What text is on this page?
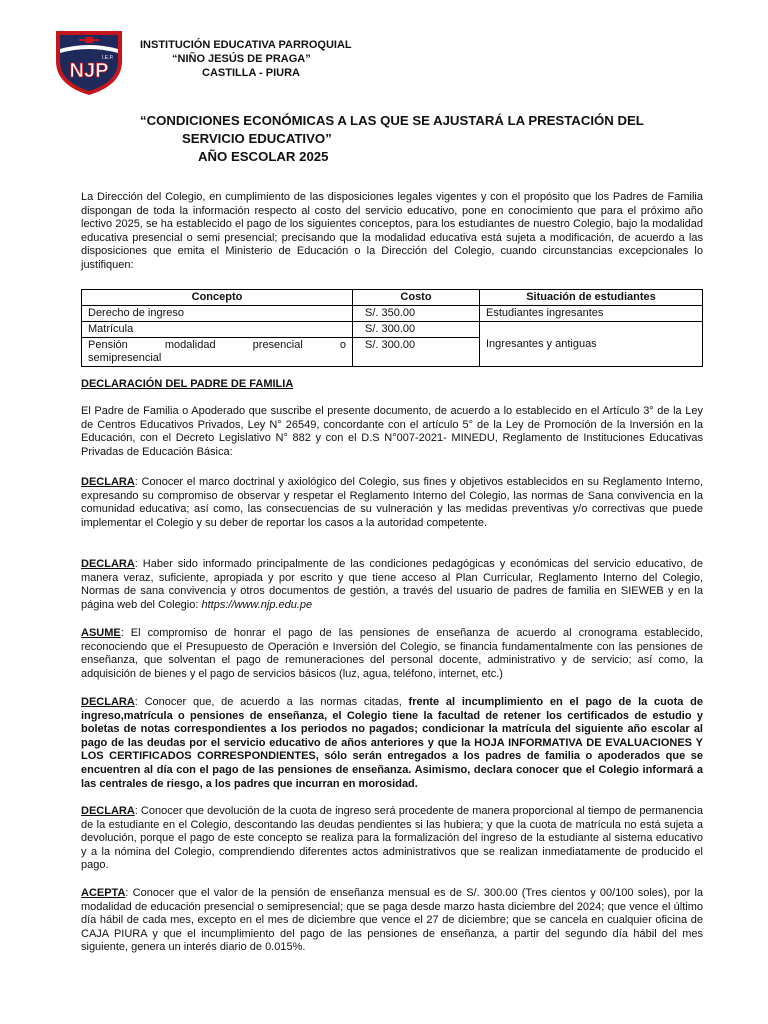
I.E.P.
NJP
INSTITUCIÓN EDUCATIVA PARROQUIAL
“NIÑO JESÚS DE PRAGA”
CASTILLA - PIURA
“CONDICIONES ECONÓMICAS A LAS QUE SE AJUSTARÁ LA PRESTACIÓN DEL
SERVICIO EDUCATIVO”
AÑO ESCOLAR 2025

La Dirección del Colegio, en cumplimiento de las disposiciones legales vigentes y con el propósito que los Padres de Familia dispongan de toda la información respecto al costo del servicio educativo, pone en conocimiento que para el próximo año lectivo 2025, se ha establecido el pago de los siguientes conceptos, para los estudiantes de nuestro Colegio, bajo la modalidad educativa presencial o semi presencial; precisando que la modalidad educativa está sujeta a modificación, de acuerdo a las disposiciones que emita el Ministerio de Educación o la Dirección del Colegio, cuando circunstancias excepcionales lo justifiquen:

Concepto	Costo	Situación de estudiantes
Derecho de ingreso	S/. 350.00	Estudiantes ingresantes
Matrícula	S/. 300.00	Ingresantes y antiguas

Pensión modalidad presencial o
semipresencial	S/. 300.00	
DECLARACIÓN DEL PADRE DE FAMILIA

El Padre de Familia o Apoderado que suscribe el presente documento, de acuerdo a lo establecido en el Artículo 3° de la Ley de Centros Educativos Privados, Ley N° 26549, concordante con el artículo 5° de la Ley de Promoción de la Inversión en la Educación, con el Decreto Legislativo N° 882 y con el D.S N°007-2021- MINEDU, Reglamento de Instituciones Educativas Privadas de Educación Básica:

DECLARA: Conocer el marco doctrinal y axiológico del Colegio, sus fines y objetivos establecidos en su Reglamento Interno, expresando su compromiso de observar y respetar el Reglamento Interno del Colegio, las normas de Sana convivencia en la comunidad educativa; así como, las consecuencias de su vulneración y las medidas preventivas y/o correctivas que puede implementar el Colegio y su deber de reportar los casos a la autoridad competente.

DECLARA: Haber sido informado principalmente de las condiciones pedagógicas y económicas del servicio educativo, de manera veraz, suficiente, apropiada y por escrito y que tiene acceso al Plan Curricular, Reglamento Interno del Colegio, Normas de sana convivencia y otros documentos de gestión, a través del usuario de padres de familia en SIEWEB y en la página web del Colegio: https://www.njp.edu.pe

ASUME: El compromiso de honrar el pago de las pensiones de enseñanza de acuerdo al cronograma establecido, reconociendo que el Presupuesto de Operación e Inversión del Colegio, se financia fundamentalmente con las pensiones de enseñanza, que solventan el pago de remuneraciones del personal docente, administrativo y de servicio; así como, la adquisición de bienes y el pago de servicios básicos (luz, agua, teléfono, internet, etc.)

DECLARA: Conocer que, de acuerdo a las normas citadas, frente al incumplimiento en el pago de la cuota de ingreso,matrícula o pensiones de enseñanza, el Colegio tiene la facultad de retener los certificados de estudio y boletas de notas correspondientes a los periodos no pagados; condicionar la matrícula del siguiente año escolar al pago de las deudas por el servicio educativo de años anteriores y que la HOJA INFORMATIVA DE EVALUACIONES Y LOS CERTIFICADOS CORRESPONDIENTES, sólo serán entregados a los padres de familia o apoderados que se encuentren al día con el pago de las pensiones de enseñanza. Asimismo, declara conocer que el Colegio informará a las centrales de riesgo, a los padres que incurran en morosidad.

DECLARA: Conocer que devolución de la cuota de ingreso será procedente de manera proporcional al tiempo de permanencia de la estudiante en el Colegio, descontando las deudas pendientes si las hubiera; y que la cuota de matrícula no está sujeta a devolución, porque el pago de este concepto se realiza para la formalización del ingreso de la estudiante al sistema educativo y a la nómina del Colegio, comprendiendo diferentes actos administrativos que se realizan inmediatamente de producido el pago.

ACEPTA: Conocer que el valor de la pensión de enseñanza mensual es de S/. 300.00 (Tres cientos y 00/100 soles), por la modalidad de educación presencial o semipresencial; que se paga desde marzo hasta diciembre del 2024; que vence el último día hábil de cada mes, excepto en el mes de diciembre que vence el 27 de diciembre; que se cancela en cualquier oficina de CAJA PIURA y que el incumplimiento del pago de las pensiones de enseñanza, a partir del segundo día hábil del mes siguiente, genera un interés diario de 0.015%.
